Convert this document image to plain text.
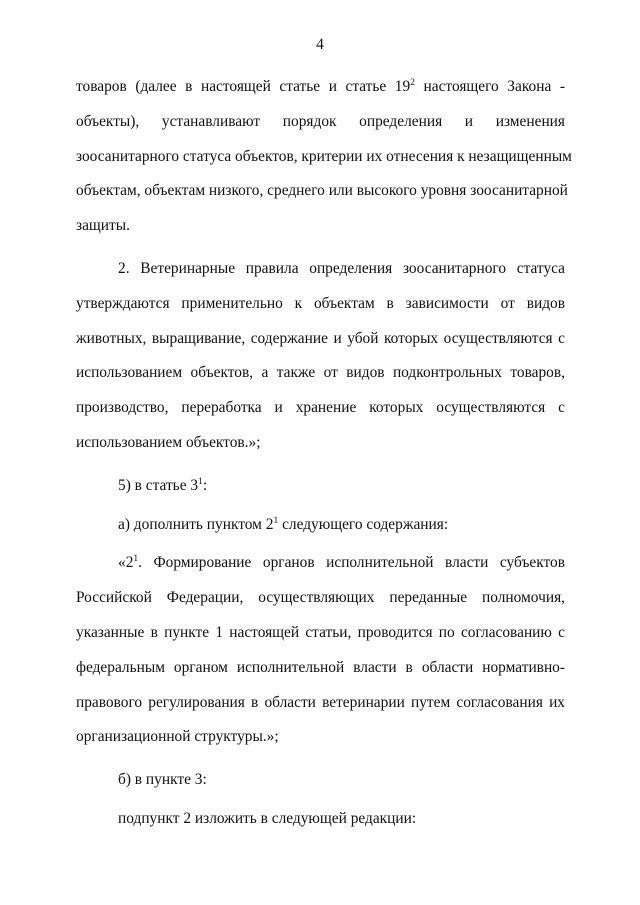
4

товаров (далее в настоящей статье и статье $19^2$ настоящего Закона -

объекты), устанавливают порядок определения и изменения

зоосанитарного статуса объектов, критерии их отнесения к незащищенным

объектам, объектам низкого, среднего или высокого уровня зоосанитарной

защиты.

2. Ветеринарные правила определения зоосанитарного статуса

утверждаются применительно к объектам в зависимости от видов

животных, выращивание, содержание и убой которых осуществляются с

использованием объектов, а также от видов подконтрольных товаров,

производство, переработка и хранение которых осуществляются с

использованием объектов.»;

5) в статье $3^1$:

а) дополнить пунктом $2^1$ следующего содержания:

«$2^1$. Формирование органов исполнительной власти субъектов

Российской Федерации, осуществляющих переданные полномочия,

указанные в пункте 1 настоящей статьи, проводится по согласованию с

федеральным органом исполнительной власти в области нормативно-

правового регулирования в области ветеринарии путем согласования их

организационной структуры.»;

б) в пункте 3:

подпункт 2 изложить в следующей редакции:
